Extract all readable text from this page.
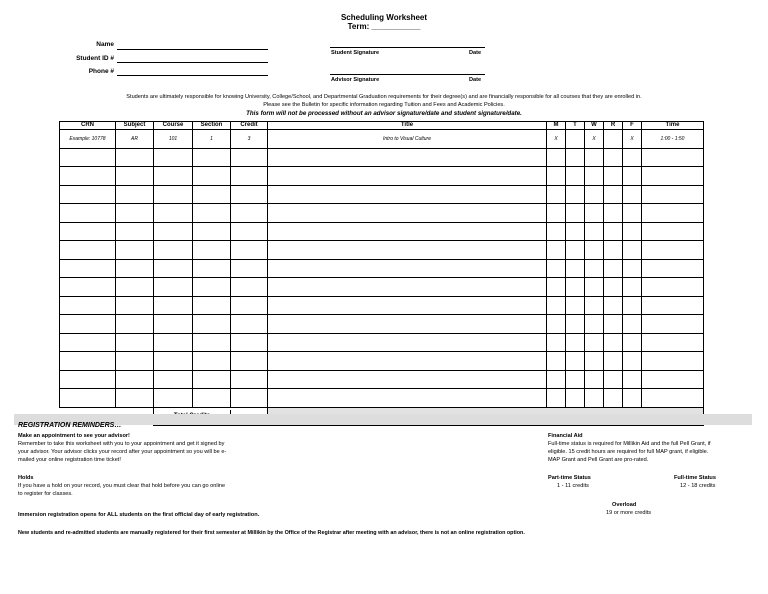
Scheduling Worksheet
Term: ___________
Name
Student ID #
Phone #
Student Signature	Date
Advisor Signature	Date
Students are ultimately responsible for knowing University, College/School, and Departmental Graduation requirements for their degree(s) and are financially responsible for all courses that they are enrolled in.
Please see the Bulletin for specific information regarding Tuition and Fees and Academic Policies.
This form will not be processed without an advisor signature/date and student signature/date.
CRN	Subject	Course	Section	Credit	Title	M	T	W	R	F	Time
Example: 10778	AR	101	1	3	Intro to Visual Culture	X		X		X	1:00 - 1:50

REGISTRATION REMINDERS…
Make an appointment to see your advisor!
Remember to take this worksheet with you to your appointment and get it signed by
your advisor. Your advisor clicks your record after your appointment so you will be e-
mailed your online registration time ticket!
Holds
If you have a hold on your record, you must clear that hold before you can go online
to register for classes.
Immersion registration opens for ALL students on the first official day of early registration.
New students and re-admitted students are manually registered for their first semester at Millikin by the Office of the Registrar after meeting with an advisor, there is not an online registration option.
Financial Aid
Full-time status is required for Millikin Aid and the full Pell Grant, if
eligible. 15 credit hours are required for full MAP grant, if eligible.
MAP Grant and Pell Grant are pro-rated.
Part-time Status
1 - 11 credits
Full-time Status
12 - 18 credits
Overload
19 or more credits
